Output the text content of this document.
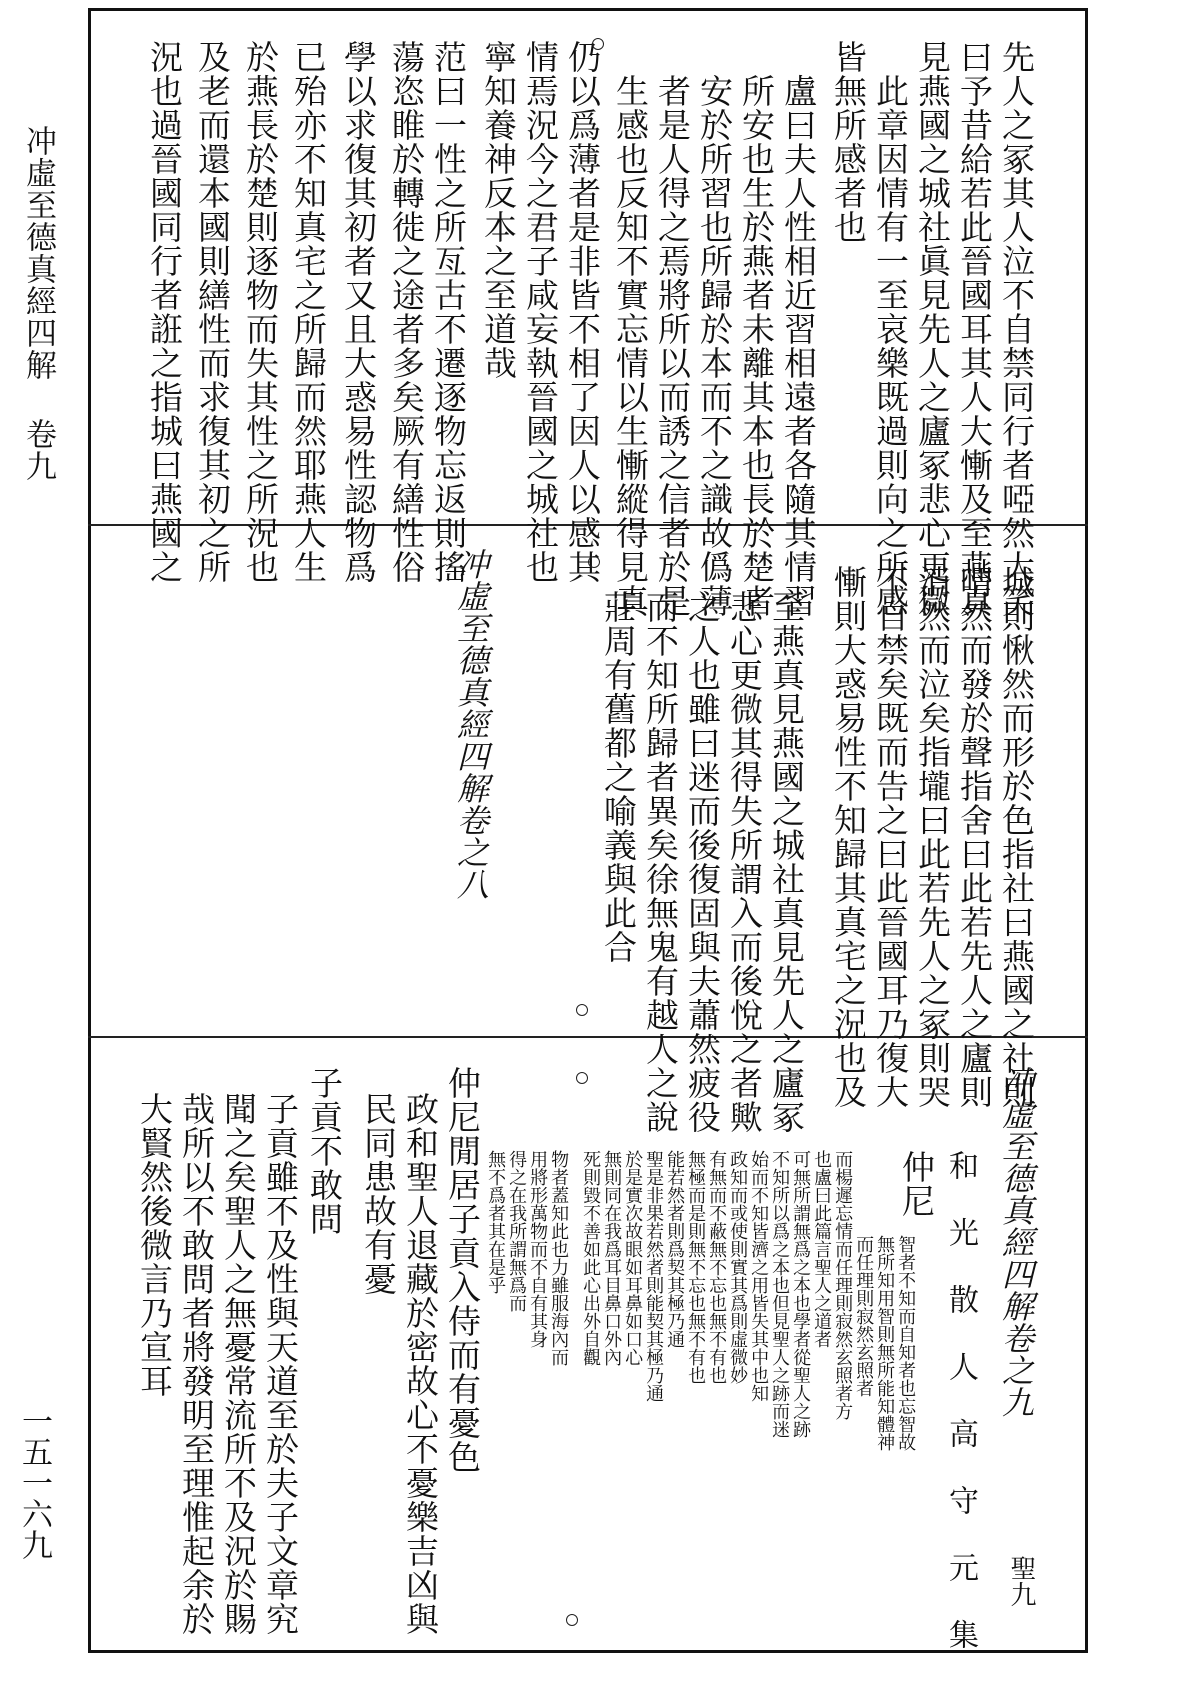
冲虛至德真經四解 卷九
一五一六九
先人之冢其人泣不自禁同行者啞然大笑
曰予昔給若此晉國耳其人大慚及至燕真
見燕國之城社眞見先人之廬冢悲心更微
此章因情有一至哀樂既過則向之所感
皆無所感者也
盧曰夫人性相近習相遠者各隨其情習
所安也生於燕者未離其本也長於楚者
安於所習也所歸於本而不之識故僞薄
者是人得之焉將所以而誘之信者於是
生感也反知不實忘情以生慚縱得見真
仍以爲薄者是非皆不相了因人以感其
情焉況今之君子咸妄執晉國之城社也
寧知養神反本之至道哉
范曰一性之所亙古不遷逐物忘返則搖
蕩恣睢於轉徙之途者多矣厥有繕性俗
學以求復其初者又且大惑易性認物爲
已殆亦不知真宅之所歸而然耶燕人生
於燕長於楚則逐物而失其性之所況也
及老而還本國則繕性而求復其初之所
況也過晉國同行者誑之指城曰燕國之
城則愀然而形於色指社曰燕國之社則
喟然而發於聲指舍曰此若先人之廬則
消然而泣矣指壠曰此若先人之冢則哭
不自禁矣既而告之曰此晉國耳乃復大
慚則大惑易性不知歸其真宅之況也及
至燕真見燕國之城社真見先人之廬冢
悲心更微其得失所謂入而後悅之者歟
之人也雖曰迷而後復固與夫蕭然疲役
而不知所歸者異矣徐無鬼有越人之說
莊周有舊都之喻義與此合
冲虛至德真經四解卷之八
冲虛至德真經四解卷之九
和 光 散 人 高 守 元 集
仲尼
智者不知而自知者也忘智故
無所知用智則無所能知體神
而任理則寂然玄照者
而楊遲忘情而任理則寂然玄照者方
也盧曰此篇言聖人之道者
可無所謂無爲之本也學者從聖人之跡
不知所以爲之本也但見聖人之跡而迷
始而不知皆濟之用皆失其中也知
政知而或使則實其爲則虛微妙
有無而不蔽無不忘也無不有也
無極而是則無不忘也無不有也
能若然者則爲契其極乃通
聖是非果若然者則能契其極乃通
於是實次故眼如耳鼻如口心
無則同在我爲耳目鼻口外內
死則毀不善如此心出外自觀
物者蓋知此也力雖服海內而
用將形萬物而不自有其身
得之在我所謂無爲而
無不爲者其在是乎
仲尼閒居子貢入侍而有憂色
政和聖人退藏於密故心不憂樂吉凶與
民同患故有憂
子貢不敢問
子貢雖不及性與天道至於夫子文章究
聞之矣聖人之無憂常流所不及況於賜
哉所以不敢問者將發明至理惟起余於
大賢然後微言乃宣耳
聖九
